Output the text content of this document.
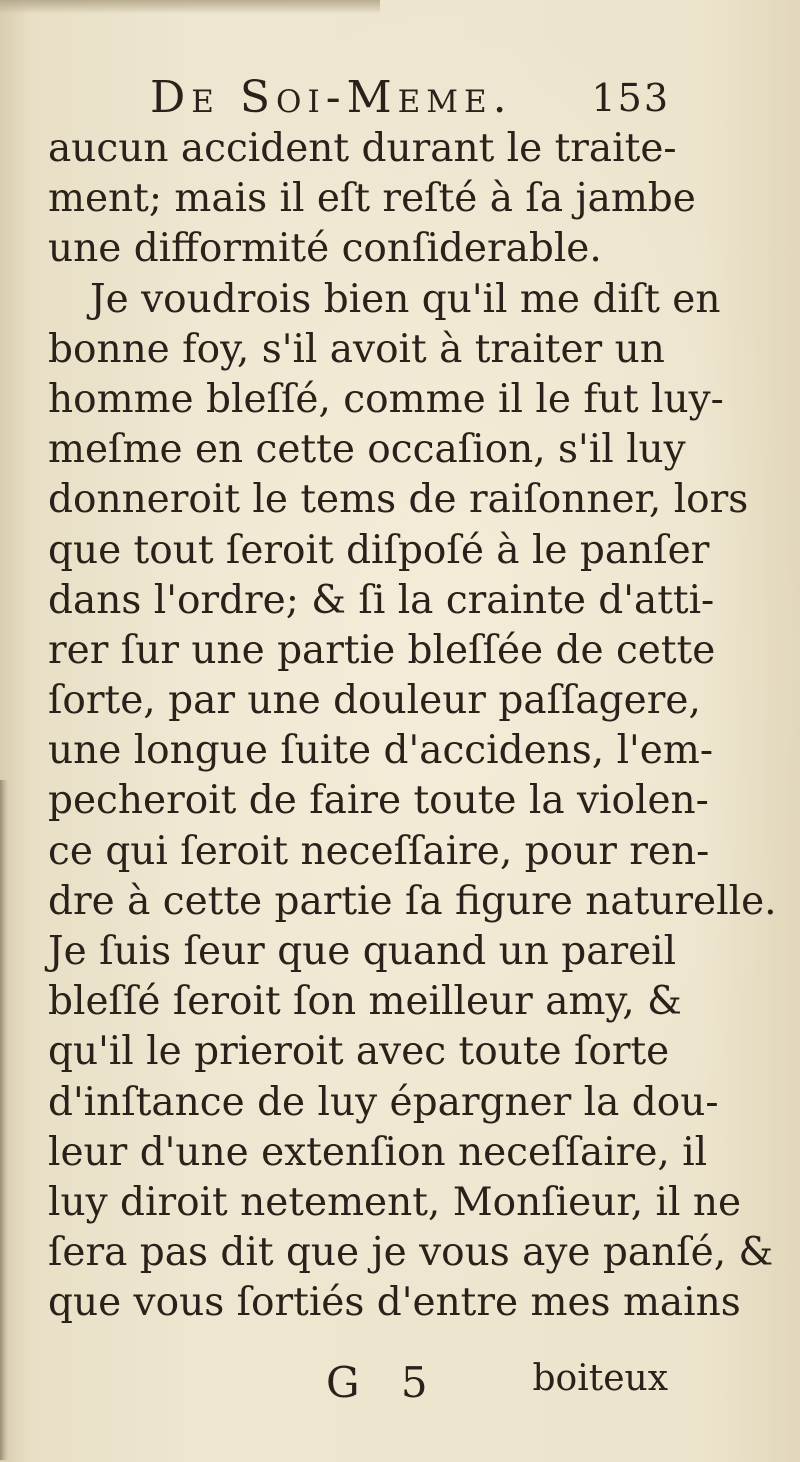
De Soi-Meme. 153
aucun accident durant le traite-
ment; mais il eſt reſté à ſa jambe
une difformité conſiderable.
Je voudrois bien qu'il me diſt en
bonne foy, s'il avoit à traiter un
homme bleſſé, comme il le fut luy-
meſme en cette occaſion, s'il luy
donneroit le tems de raiſonner, lors
que tout ſeroit diſpoſé à le panſer
dans l'ordre; & ſi la crainte d'atti-
rer ſur une partie bleſſée de cette
ſorte, par une douleur paſſagere,
une longue ſuite d'accidens, l'em-
pecheroit de faire toute la violen-
ce qui ſeroit neceſſaire, pour ren-
dre à cette partie ſa figure naturelle.
Je ſuis ſeur que quand un pareil
bleſſé ſeroit ſon meilleur amy, &
qu'il le prieroit avec toute ſorte
d'inſtance de luy épargner la dou-
leur d'une extenſion neceſſaire, il
luy diroit netement, Monſieur, il ne
ſera pas dit que je vous aye panſé, &
que vous ſortiés d'entre mes mains
G 5	boiteux
